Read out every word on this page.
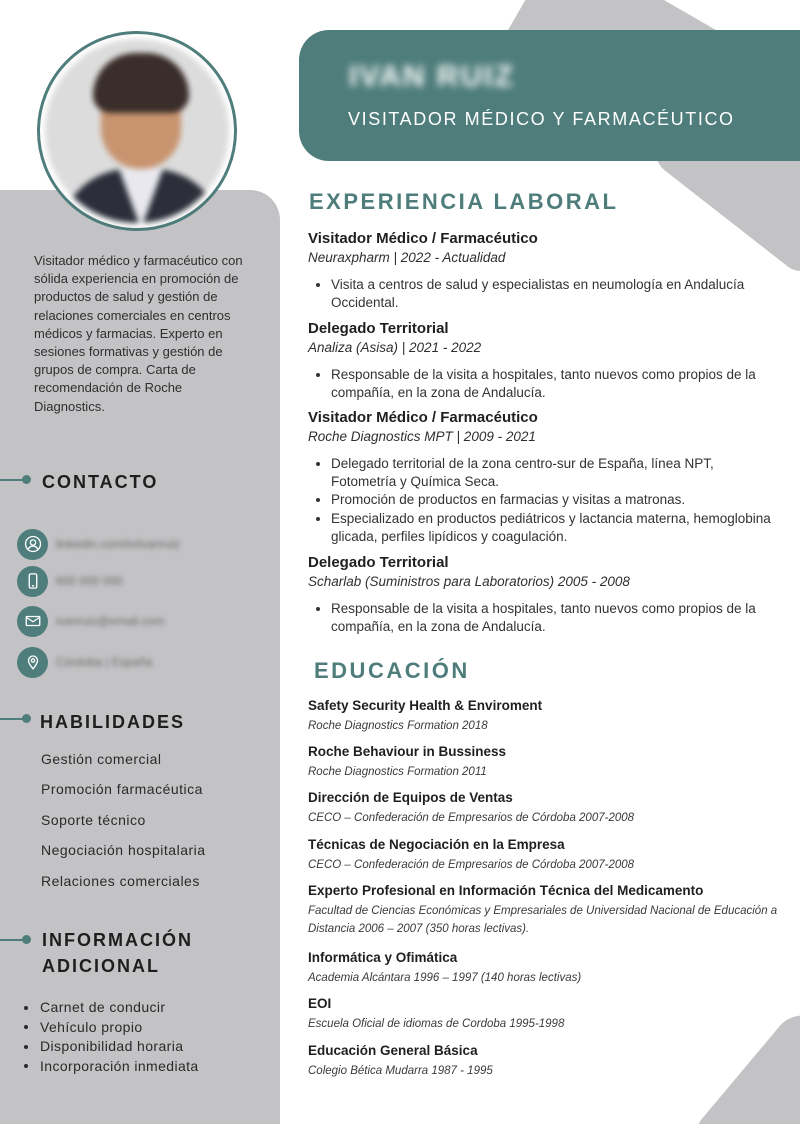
Visitador médico y farmacéutico con sólida experiencia en promoción de productos de salud y gestión de relaciones comerciales en centros médicos y farmacias. Experto en sesiones formativas y gestión de grupos de compra. Carta de recomendación de Roche Diagnostics.

CONTACTO
linkedin.com/in/ivanruiz
600 000 000
ivanruiz@email.com
Córdoba | España
HABILIDADES
Gestión comercial
Promoción farmacéutica
Soporte técnico
Negociación hospitalaria
Relaciones comerciales
INFORMACIÓN
ADICIONAL
Carnet de conducir
Vehículo propio
Disponibilidad horaria
Incorporación inmediata
IVAN RUIZ
VISITADOR MÉDICO Y FARMACÉUTICO
EXPERIENCIA LABORAL
Visitador Médico / Farmacéutico
Neuraxpharm | 2022 - Actualidad
Visita a centros de salud y especialistas en neumología en Andalucía Occidental.
Delegado Territorial
Analiza (Asisa) | 2021 - 2022
Responsable de la visita a hospitales, tanto nuevos como propios de la compañía, en la zona de Andalucía.
Visitador Médico / Farmacéutico
Roche Diagnostics MPT | 2009 - 2021
Delegado territorial de la zona centro-sur de España, línea NPT, Fotometría y Química Seca.
Promoción de productos en farmacias y visitas a matronas.
Especializado en productos pediátricos y lactancia materna, hemoglobina glicada, perfiles lipídicos y coagulación.
Delegado Territorial
Scharlab (Suministros para Laboratorios) 2005 - 2008
Responsable de la visita a hospitales, tanto nuevos como propios de la compañía, en la zona de Andalucía.
EDUCACIÓN
Safety Security Health & Enviroment
Roche Diagnostics Formation 2018
Roche Behaviour in Bussiness
Roche Diagnostics Formation 2011
Dirección de Equipos de Ventas
CECO – Confederación de Empresarios de Córdoba 2007-2008
Técnicas de Negociación en la Empresa
CECO – Confederación de Empresarios de Córdoba 2007-2008
Experto Profesional en Información Técnica del Medicamento
Facultad de Ciencias Económicas y Empresariales de Universidad Nacional de Educación a Distancia 2006 – 2007 (350 horas lectivas).
Informática y Ofimática
Academia Alcántara 1996 – 1997 (140 horas lectivas)
EOI
Escuela Oficial de idiomas de Cordoba 1995-1998
Educación General Básica
Colegio Bética Mudarra 1987 - 1995
